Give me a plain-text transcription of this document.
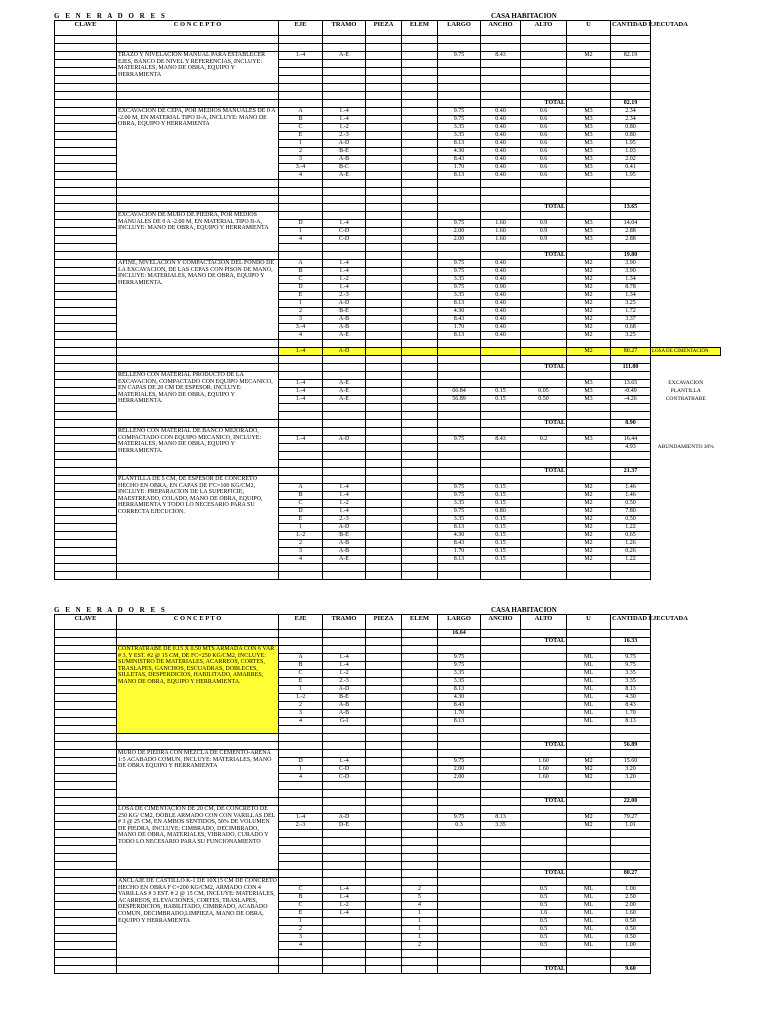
G E N E R A D O R E S	CASA HABITACION
CLAVE	C O N C E P T O	EJE	TRAMO	PIEZA	ELEM	LARGO	ANCHO	ALTO	U	CANTIDAD EJECUTADA	

	TRAZO Y NIVELACION MANUAL PARA ESTABLECER EJES, BANCO DE NIVEL Y REFERENCIAS, INCLUYE: MATERIALES, MANO DE OBRA, EQUIPO Y HERRAMIENTA	1.-4	A-E			9.75	8.43		M2	82.19	

								TOTAL		82.19	
	EXCAVACION DE CEPA, POR MEDIOS MANUALES DE 0 A -2.00 M, EN MATERIAL TIPO II-A, INCLUYE: MANO DE OBRA, EQUIPO Y HERRAMIENTA	A	1.-4			9.75	0.40	0.6	M3	2.34	
		B	1.-4			9.75	0.40	0.6	M3	2.34	
		C	1.-2			3.35	0.40	0.6	M3	0.80	
		E	2.-3			3.35	0.40	0.6	M3	0.80	
		1	A-D			8.13	0.40	0.6	M3	1.95	
		2	B-E			4.30	0.40	0.6	M3	1.03	
		3	A-B			8.43	0.40	0.6	M3	2.02	
		3.-4	B-C			1.70	0.40	0.6	M3	0.41	
		4	A-E			8.13	0.40	0.6	M3	1.95	

								TOTAL		13.65	
	EXCAVACION DE MURO DE PIEDRA, POR MEDIOS MANUALES DE 0 A -2.00 M, EN MATERIAL TIPO II-A, INCLUYE: MANO DE OBRA, EQUIPO Y HERRAMIENTA										
		D	1.-4			9.75	1.60	0.9	M3	14.04	
		1	C-D			2.00	1.60	0.9	M3	2.88	
		4	C-D			2.00	1.60	0.9	M3	2.88	

								TOTAL		19.80	
	AFINE, NIVELACION Y COMPACTACION DEL FONDO DE LA EXCAVACION, DE LAS CEPAS CON PISON DE MANO, INCLUYE: MATERIALES, MANO DE OBRA, EQUIPO Y HERRAMIENTA.	A	1.-4			9.75	0.40		M2	3.90	
		B	1.-4			9.75	0.40		M2	3.90	
		C	1.-2			3.35	0.40		M2	1.34	
		D	1.-4			9.75	0.90		M2	8.78	
		E	2.-3			3.35	0.40		M2	1.34	
		1	A-D			8.13	0.40		M2	3.25	
		2	B-E			4.30	0.40		M2	1.72	
		3	A-B			8.43	0.40		M2	3.37	
		3.-4	A-B			1.70	0.40		M2	0.68	
		4	A-E			8.13	0.40		M2	3.25	

		1.-4	A-D						M2	80.27	LOSA DE CIMENTACION

								TOTAL		111.80	
	RELLENO CON MATERIAL PRODUCTO DE LA EXCAVACION, COMPACTADO CON EQUIPO MECANICO, EN CAPAS DE 20 CM DE ESPESOR. INCLUYE: MATERIALES, MANO DE OBRA, EQUIPO Y HERRAMIENTA.										
		1.-4	A-E						M3	13.65	EXCAVACION
		1.-4	A-E			66.84	0.15	0.05	M3	-0.49	PLANTILLA
		1.-4	A-E			56.89	0.15	0.50	M3	-4.26	CONTRATRABE

								TOTAL		8.90	
	RELLENO CON MATERIAL DE BANCO MEJORADO, COMPACTADO CON EQUIPO MECANICO, INCLUYE: MATERIALES, MANO DE OBRA, EQUIPO Y HERRAMIENTA.										
		1.-4	A-D			9.75	8.43	0.2	M3	16.44	
										4.93	ABUNDAMIENTO 30%

								TOTAL		21.37	
	PLANTILLA DE 5 CM, DE ESPESOR DE CONCRETO HECHO EN OBRA, EN CAPAS DE F'C=100 KG/CM2, INCLUYE: PREPARACION DE LA SUPERFICIE, MAESTREADO, COLADO, MANO DE OBRA, EQUIPO, HERRAMIENTA Y TODO LO NECESARIO PARA SU CORRECTA EJECUCION.										
		A	1.-4			9.75	0.15		M2	1.46	
		B	1.-4			9.75	0.15		M2	1.46	
		C	1.-2			3.35	0.15		M2	0.50	
		D	1.-4			9.75	0.80		M2	7.80	
		E	2.-3			3.35	0.15		M2	0.50	
		1	A-D			8.13	0.15		M2	1.22	
		1.-2	B-E			4.30	0.15		M2	0.65	
		2	A-B			8.43	0.15		M2	1.26	
		3	A-B			1.70	0.15		M2	0.26	
		4	A-E			8.13	0.15		M2	1.22	

G E N E R A D O R E S	CASA HABITACION
CLAVE	C O N C E P T O	EJE	TRAMO	PIEZA	ELEM	LARGO	ANCHO	ALTO	U	CANTIDAD EJECUTADA	
						16.64					
								TOTAL		16.33	
	CONTRATRABE DE 0.15 X 0.50 MTS ARMADA CON 6 VAR # 3, Y EST. #2 @ 15 CM, DE FC=250 KG/CM2, INCLUYE: SUMINISTRO DE MATERIALES, ACARREOS, CORTES, TRASLAPES, GANCHOS, ESCUADRAS, DOBLECES, SILLETAS, DESPERDICIOS, HABILITADO, AMARRES, MANO DE OBRA, EQUIPO Y HERRAMIENTA.										
		A	1.-4			9.75			ML	9.75	
		B	1.-4			9.75			ML	9.75	
		C	1.-2			3.35			ML	3.35	
		E	2.-3			3.35			ML	3.35	
		1	A-D			8.13			ML	8.13	
		1.-2	B-E			4.30			ML	4.30	
		2	A-B			8.43			ML	8.43	
		3	A-B			1.70			ML	1.70	
		4	G-I			8.13			ML	8.13	

								TOTAL		56.89	
	MURO DE PIEDRA CON MEZCLA DE CEMENTO-ARENA 1:5 ACABADO COMUN, INCLUYE: MATERIALES, MANO DE OBRA EQUIPO Y HERRAMIENTA										
		D	1.-4			9.75		1.60	M2	15.60	
		1	C-D			2.00		1.60	M2	3.20	
		4	C-D			2.00		1.60	M2	3.20	

								TOTAL		22.00	
	LOSA DE CIMENTACION DE 20 CM, DE CONCRETO DE 250 KG/ CM2, DOBLE ARMADO CON CON VARILLAS DEL # 3 @ 25 CM, EN AMBOS SENTIDOS, 50% DE VOLUMEN DE PIEDRA, INCLUYE: CIMBRADO, DECIMBRADO, MANO DE OBRA, MATERIALES, VIBRADO, CURADO Y TODO LO NECESARIO PARA SU FUNCIONAMIENTO										
		1.-4	A-D			9.75	8.13		M2	79.27	
		2.-3	D-E			0.3	3.35		M2	1.01	

								TOTAL		80.27	
	ANCLAJE DE CASTILLO K-1 DE 10X15 CM DE CONCRETO HECHO EN OBRA F C=200 KG/CM2, ARMADO CON 4 VARILLAS # 3 EST. # 2 @ 15 CM, INCLUYE: MATERIALES, ACARREOS, ELEVACIONES, CORTES, TRASLAPES, DESPERDICIOS, HABILITADO, CIMBRADO, ACABADO COMUN, DECIMBRADO,LIMPIEZA, MANO DE OBRA, EQUIPO Y HERRAMIENTA										
		C	1.-4		2			0.5	ML	1.00	
		B	1.-4		5			0.5	ML	2.50	
		C	1.-2		4			0.5	ML	2.00	
		E	1.-4		1			1.6	ML	1.60	
		1			1			0.5	ML	0.50	
		2			1			0.5	ML	0.50	
		3			1			0.5	ML	0.50	
		4			2			0.5	ML	1.00	

								TOTAL		9.60	
